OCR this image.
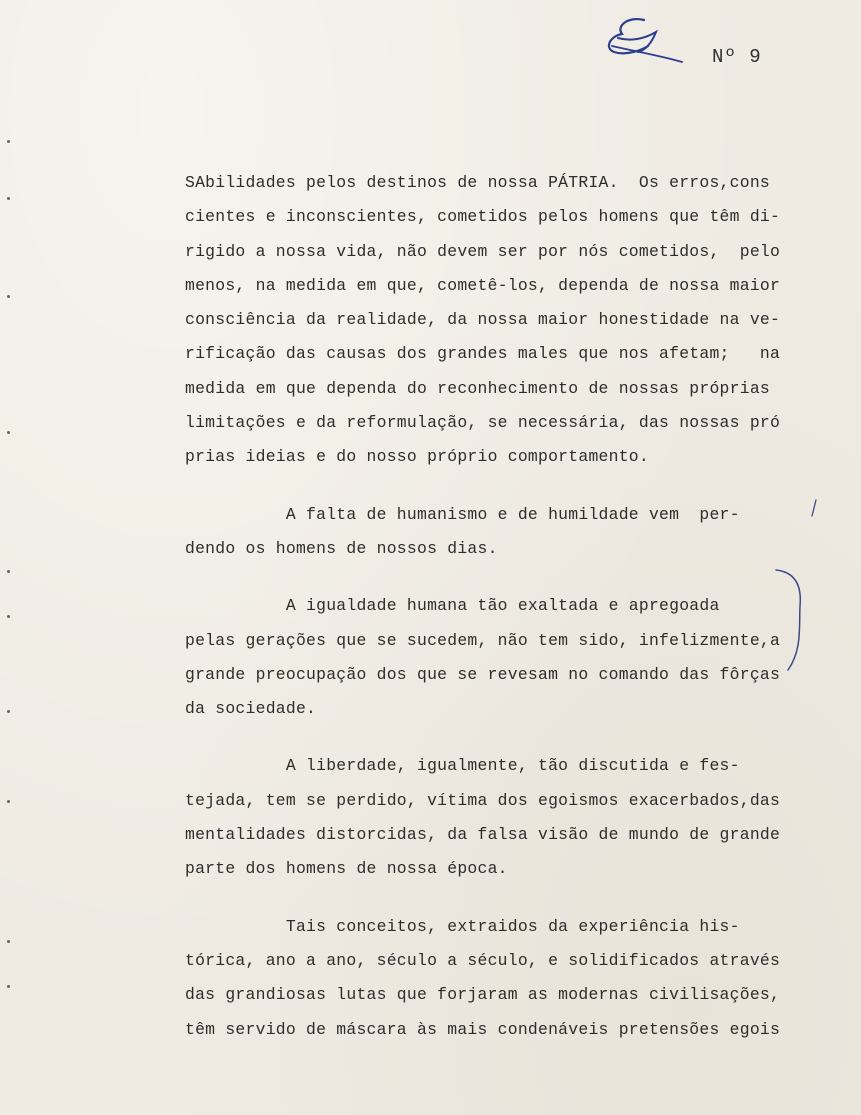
Nº 9
SAbilidades pelos destinos de nossa PÁTRIA.  Os erros,cons
cientes e inconscientes, cometidos pelos homens que têm di-
rigido a nossa vida, não devem ser por nós cometidos,  pelo
menos, na medida em que, cometê-los, dependa de nossa maior
consciência da realidade, da nossa maior honestidade na ve-
rificação das causas dos grandes males que nos afetam;   na
medida em que dependa do reconhecimento de nossas próprias
limitações e da reformulação, se necessária, das nossas pró
prias ideias e do nosso próprio comportamento.
A falta de humanismo e de humildade vem  per-
dendo os homens de nossos dias.
A igualdade humana tão exaltada e apregoada
pelas gerações que se sucedem, não tem sido, infelizmente,a
grande preocupação dos que se revesam no comando das fôrças
da sociedade.
A liberdade, igualmente, tão discutida e fes-
tejada, tem se perdido, vítima dos egoismos exacerbados,das
mentalidades distorcidas, da falsa visão de mundo de grande
parte dos homens de nossa época.
Tais conceitos, extraidos da experiência his-
tórica, ano a ano, século a século, e solidificados através
das grandiosas lutas que forjaram as modernas civilisações,
têm servido de máscara às mais condenáveis pretensões egois
